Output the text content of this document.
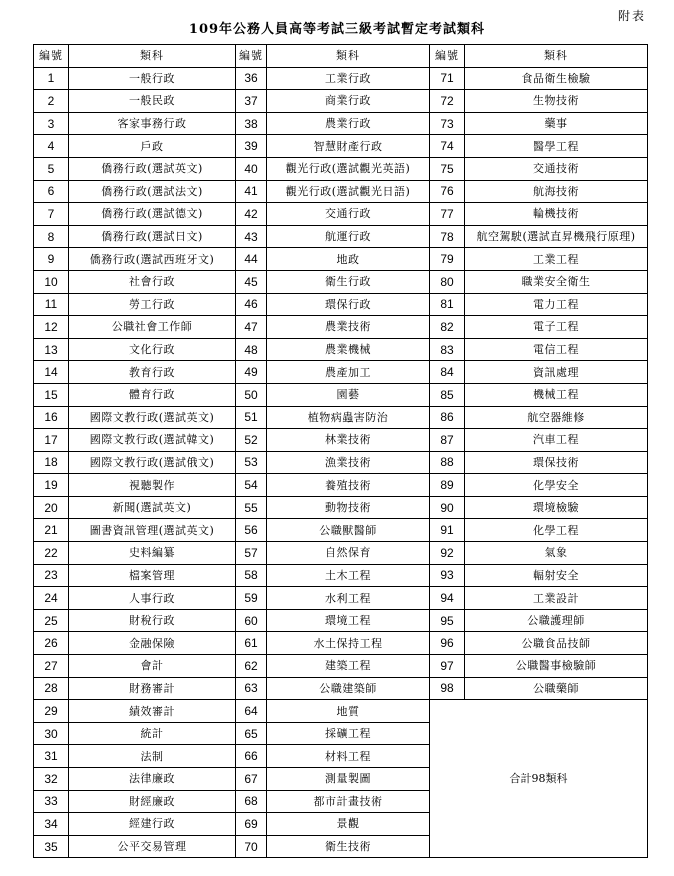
附表
109年公務人員高等考試三級考試暫定考試類科
編號	類科	編號	類科	編號	類科
1	一般行政	36	工業行政	71	食品衛生檢驗
2	一般民政	37	商業行政	72	生物技術
3	客家事務行政	38	農業行政	73	藥事
4	戶政	39	智慧財產行政	74	醫學工程
5	僑務行政(選試英文)	40	觀光行政(選試觀光英語)	75	交通技術
6	僑務行政(選試法文)	41	觀光行政(選試觀光日語)	76	航海技術
7	僑務行政(選試德文)	42	交通行政	77	輪機技術
8	僑務行政(選試日文)	43	航運行政	78	航空駕駛(選試直昇機飛行原理)
9	僑務行政(選試西班牙文)	44	地政	79	工業工程
10	社會行政	45	衛生行政	80	職業安全衛生
11	勞工行政	46	環保行政	81	電力工程
12	公職社會工作師	47	農業技術	82	電子工程
13	文化行政	48	農業機械	83	電信工程
14	教育行政	49	農產加工	84	資訊處理
15	體育行政	50	園藝	85	機械工程
16	國際文教行政(選試英文)	51	植物病蟲害防治	86	航空器維修
17	國際文教行政(選試韓文)	52	林業技術	87	汽車工程
18	國際文教行政(選試俄文)	53	漁業技術	88	環保技術
19	視聽製作	54	養殖技術	89	化學安全
20	新聞(選試英文)	55	動物技術	90	環境檢驗
21	圖書資訊管理(選試英文)	56	公職獸醫師	91	化學工程
22	史料編纂	57	自然保育	92	氣象
23	檔案管理	58	土木工程	93	輻射安全
24	人事行政	59	水利工程	94	工業設計
25	財稅行政	60	環境工程	95	公職護理師
26	金融保險	61	水土保持工程	96	公職食品技師
27	會計	62	建築工程	97	公職醫事檢驗師
28	財務審計	63	公職建築師	98	公職藥師
29	績效審計	64	地質	合計98類科	
30	統計	65	採礦工程		
31	法制	66	材料工程		
32	法律廉政	67	測量製圖		
33	財經廉政	68	都市計畫技術		
34	經建行政	69	景觀		
35	公平交易管理	70	衛生技術		
